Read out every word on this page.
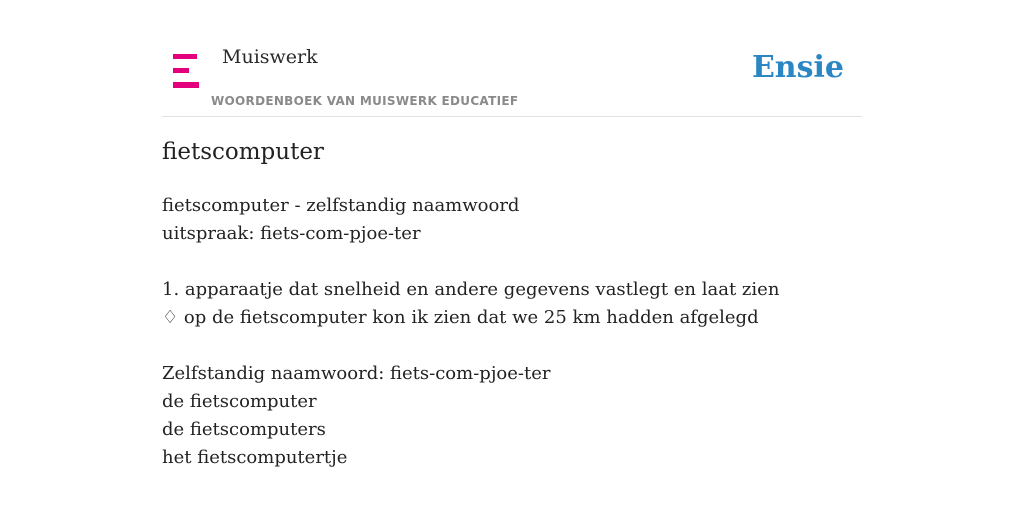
Muiswerk
WOORDENBOEK VAN MUISWERK EDUCATIEF
Ensie
fietscomputer
fietscomputer - zelfstandig naamwoord
uitspraak: fiets-com-pjoe-ter
1. apparaatje dat snelheid en andere gegevens vastlegt en laat zien
♢ op de fietscomputer kon ik zien dat we 25 km hadden afgelegd
Zelfstandig naamwoord: fiets-com-pjoe-ter
de fietscomputer
de fietscomputers
het fietscomputertje
